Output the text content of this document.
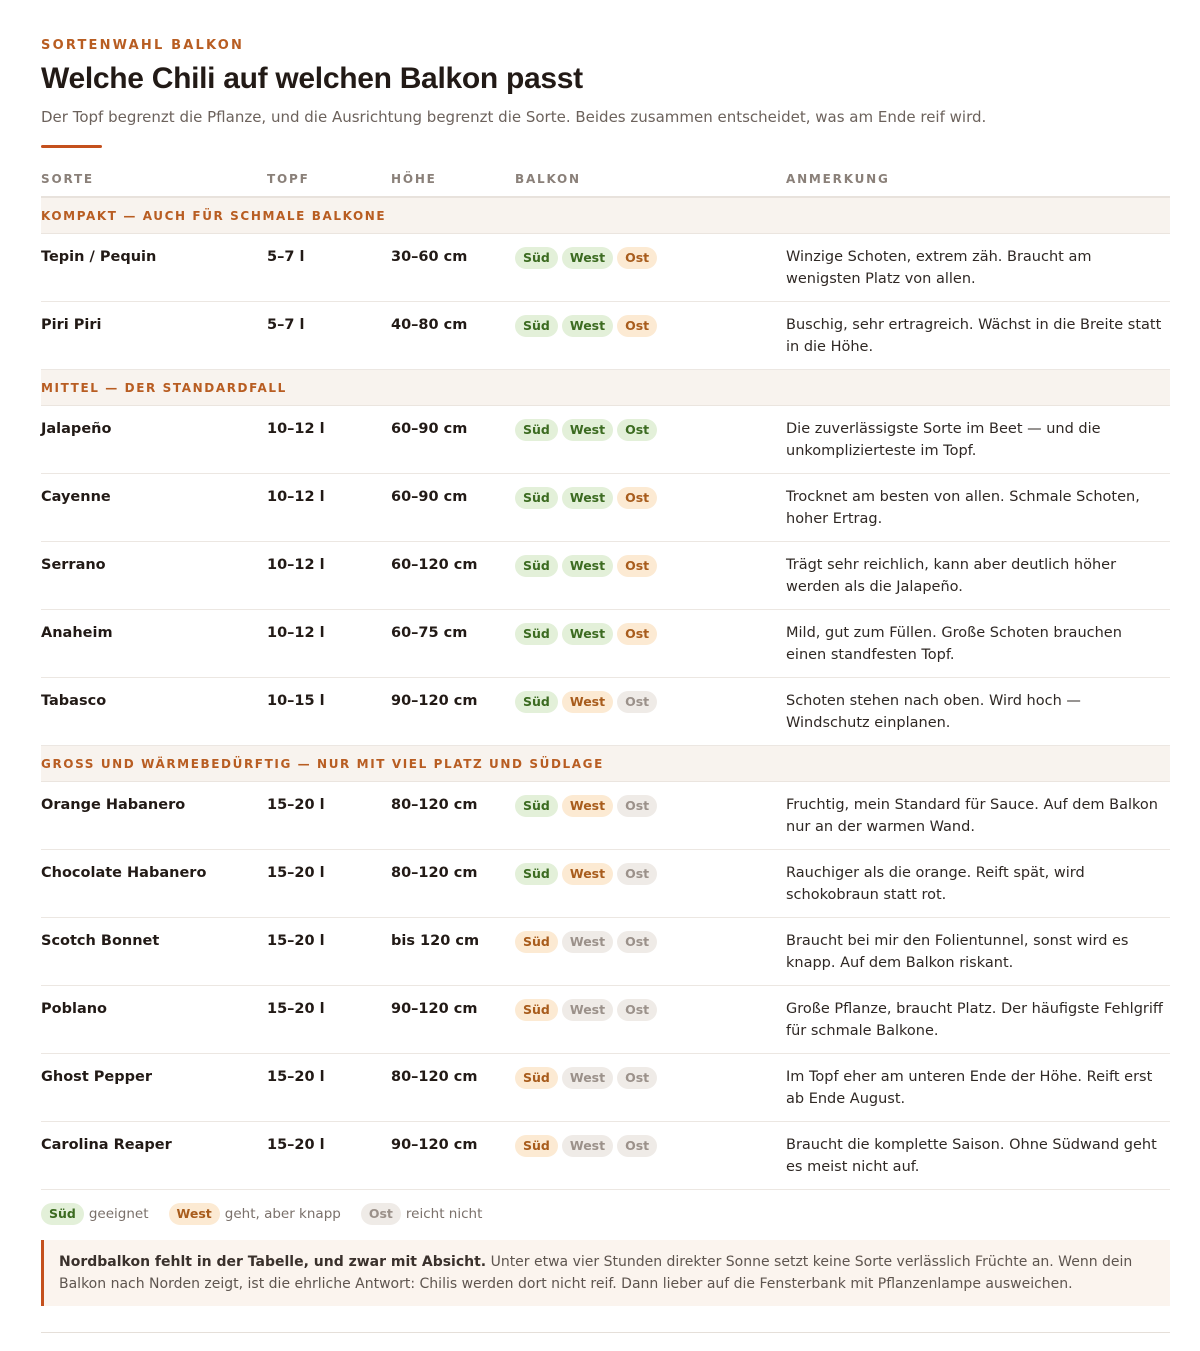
SORTENWAHL BALKON
Welche Chili auf welchen Balkon passt

Der Topf begrenzt die Pflanze, und die Ausrichtung begrenzt die Sorte. Beides zusammen entscheidet, was am Ende reif wird.

SORTE	TOPF	HÖHE	BALKON	ANMERKUNG
KOMPAKT — AUCH FÜR SCHMALE BALKONE
Tepin / Pequin	5–7 l	30–60 cm	Süd	West	Ost	Winzige Schoten, extrem zäh. Braucht am wenigsten Platz von allen.
Piri Piri	5–7 l	40–80 cm	Süd	West	Ost	Buschig, sehr ertragreich. Wächst in die Breite statt in die Höhe.
MITTEL — DER STANDARDFALL
Jalapeño	10–12 l	60–90 cm	Süd	West	Ost	Die zuverlässigste Sorte im Beet — und die unkomplizierteste im Topf.
Cayenne	10–12 l	60–90 cm	Süd	West	Ost	Trocknet am besten von allen. Schmale Schoten, hoher Ertrag.
Serrano	10–12 l	60–120 cm	Süd	West	Ost	Trägt sehr reichlich, kann aber deutlich höher werden als die Jalapeño.
Anaheim	10–12 l	60–75 cm	Süd	West	Ost	Mild, gut zum Füllen. Große Schoten brauchen einen standfesten Topf.
Tabasco	10–15 l	90–120 cm	Süd	West	Ost	Schoten stehen nach oben. Wird hoch — Windschutz einplanen.
GROSS UND WÄRMEBEDÜRFTIG — NUR MIT VIEL PLATZ UND SÜDLAGE
Orange Habanero	15–20 l	80–120 cm	Süd	West	Ost	Fruchtig, mein Standard für Sauce. Auf dem Balkon nur an der warmen Wand.
Chocolate Habanero	15–20 l	80–120 cm	Süd	West	Ost	Rauchiger als die orange. Reift spät, wird schokobraun statt rot.
Scotch Bonnet	15–20 l	bis 120 cm	Süd	West	Ost	Braucht bei mir den Folientunnel, sonst wird es knapp. Auf dem Balkon riskant.
Poblano	15–20 l	90–120 cm	Süd	West	Ost	Große Pflanze, braucht Platz. Der häufigste Fehlgriff für schmale Balkone.
Ghost Pepper	15–20 l	80–120 cm	Süd	West	Ost	Im Topf eher am unteren Ende der Höhe. Reift erst ab Ende August.
Carolina Reaper	15–20 l	90–120 cm	Süd	West	Ost	Braucht die komplette Saison. Ohne Südwand geht es meist nicht auf.
Süd geeignet	West geht, aber knapp	Ost reicht nicht
Nordbalkon fehlt in der Tabelle, und zwar mit Absicht. Unter etwa vier Stunden direkter Sonne setzt keine Sorte verlässlich Früchte an. Wenn dein Balkon nach Norden zeigt, ist die ehrliche Antwort: Chilis werden dort nicht reif. Dann lieber auf die Fensterbank mit Pflanzenlampe ausweichen.
